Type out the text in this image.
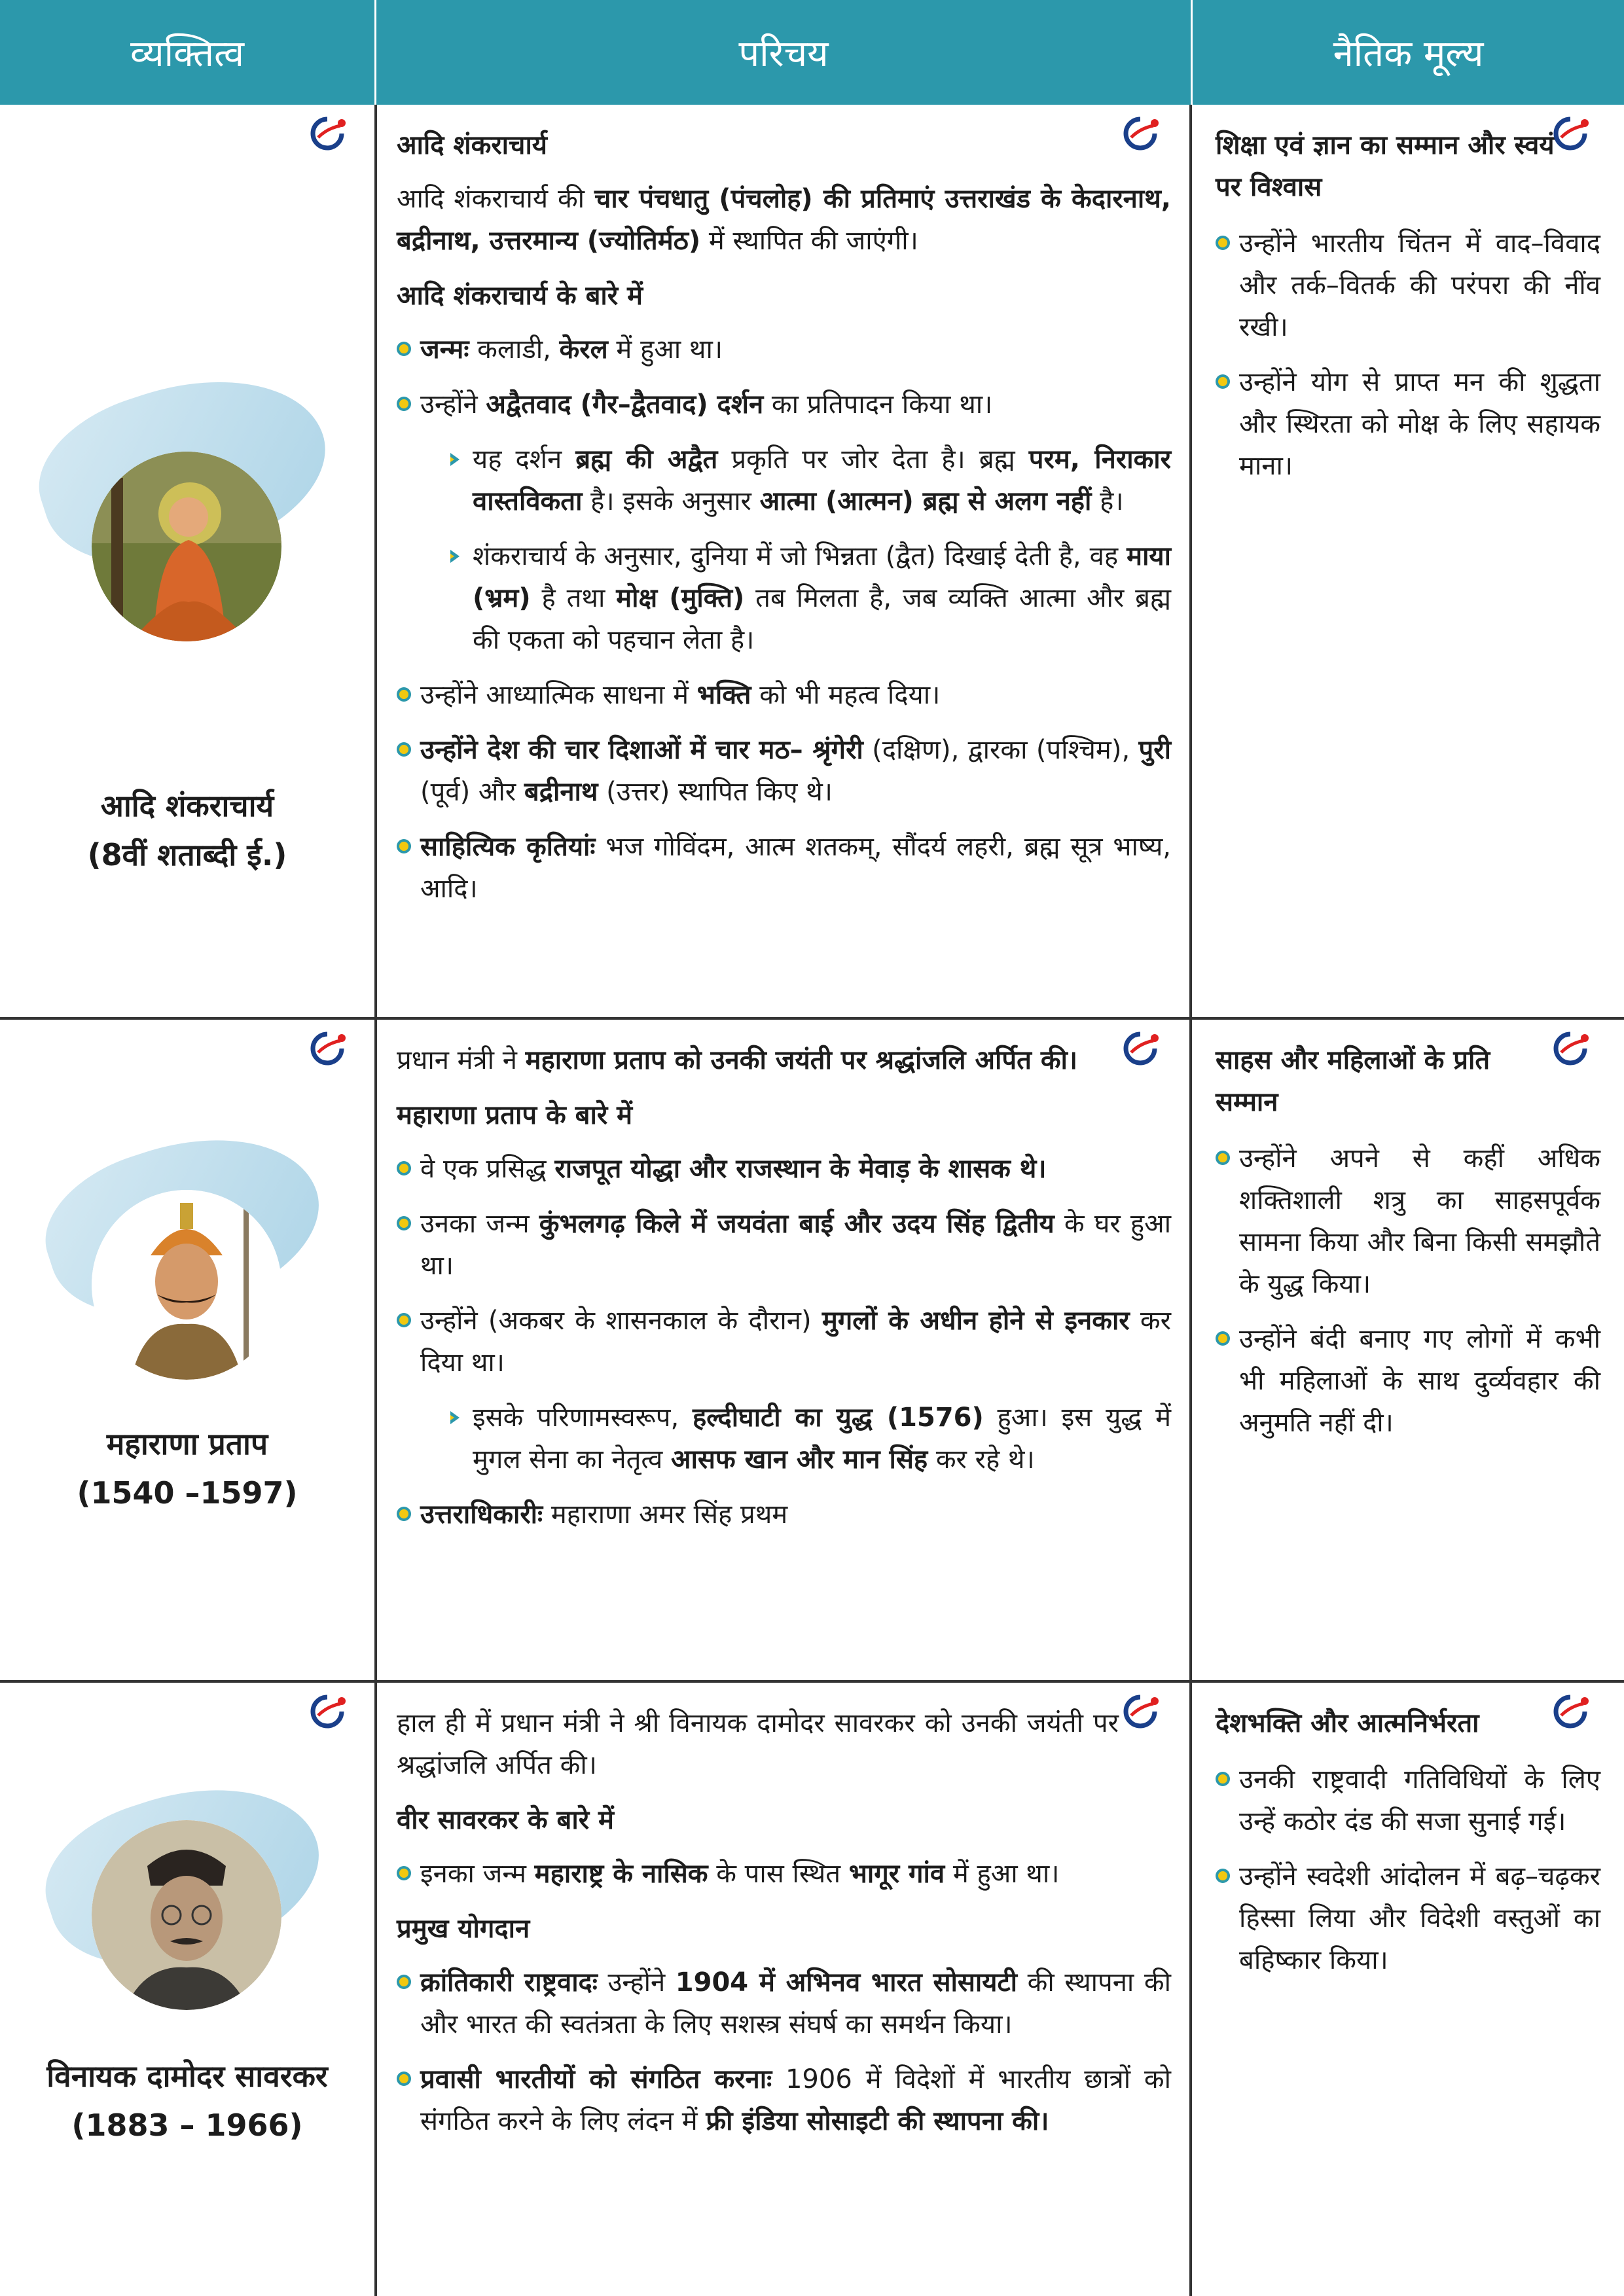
व्यक्तित्व	परिचय	नैतिक मूल्य
आदि शंकराचार्य
(8वीं शताब्दी ई.)

आदि शंकराचार्य

आदि शंकराचार्य की चार पंचधातु (पंचलोह) की प्रतिमाएं उत्तराखंड के केदारनाथ, बद्रीनाथ, उत्तरमान्य (ज्योतिर्मठ) में स्थापित की जाएंगी।

आदि शंकराचार्य के बारे में

जन्मः कलाडी, केरल में हुआ था।
उन्होंने अद्वैतवाद (गैर–द्वैतवाद) दर्शन का प्रतिपादन किया था।
यह दर्शन ब्रह्म की अद्वैत प्रकृति पर जोर देता है। ब्रह्म परम, निराकार वास्तविकता है। इसके अनुसार आत्मा (आत्मन) ब्रह्म से अलग नहीं है।
शंकराचार्य के अनुसार, दुनिया में जो भिन्नता (द्वैत) दिखाई देती है, वह माया (भ्रम) है तथा मोक्ष (मुक्ति) तब मिलता है, जब व्यक्ति आत्मा और ब्रह्म की एकता को पहचान लेता है।
उन्होंने आध्यात्मिक साधना में भक्ति को भी महत्व दिया।
उन्होंने देश की चार दिशाओं में चार मठ– श्रृंगेरी (दक्षिण), द्वारका (पश्चिम), पुरी (पूर्व) और बद्रीनाथ (उत्तर) स्थापित किए थे।
साहित्यिक कृतियांः भज गोविंदम, आत्म शतकम्, सौंदर्य लहरी, ब्रह्म सूत्र भाष्य, आदि।

शिक्षा एवं ज्ञान का सम्मान और स्वयं पर विश्वास

उन्होंने भारतीय चिंतन में वाद–विवाद और तर्क–वितर्क की परंपरा की नींव रखी।
उन्होंने योग से प्राप्त मन की शुद्धता और स्थिरता को मोक्ष के लिए सहायक माना।
महाराणा प्रताप
(1540 –1597)

प्रधान मंत्री ने महाराणा प्रताप को उनकी जयंती पर श्रद्धांजलि अर्पित की।

महाराणा प्रताप के बारे में

वे एक प्रसिद्ध राजपूत योद्धा और राजस्थान के मेवाड़ के शासक थे।
उनका जन्म कुंभलगढ़ किले में जयवंता बाई और उदय सिंह द्वितीय के घर हुआ था।
उन्होंने (अकबर के शासनकाल के दौरान) मुगलों के अधीन होने से इनकार कर दिया था।
इसके परिणामस्वरूप, हल्दीघाटी का युद्ध (1576) हुआ। इस युद्ध में मुगल सेना का नेतृत्व आसफ खान और मान सिंह कर रहे थे।
उत्तराधिकारीः महाराणा अमर सिंह प्रथम

साहस और महिलाओं के प्रति सम्मान

उन्होंने अपने से कहीं अधिक शक्तिशाली शत्रु का साहसपूर्वक सामना किया और बिना किसी समझौते के युद्ध किया।
उन्होंने बंदी बनाए गए लोगों में कभी भी महिलाओं के साथ दुर्व्यवहार की अनुमति नहीं दी।
विनायक दामोदर सावरकर
(1883 – 1966)

हाल ही में प्रधान मंत्री ने श्री विनायक दामोदर सावरकर को उनकी जयंती पर श्रद्धांजलि अर्पित की।

वीर सावरकर के बारे में

इनका जन्म महाराष्ट्र के नासिक के पास स्थित भागूर गांव में हुआ था।

प्रमुख योगदान

क्रांतिकारी राष्ट्रवादः उन्होंने 1904 में अभिनव भारत सोसायटी की स्थापना की और भारत की स्वतंत्रता के लिए सशस्त्र संघर्ष का समर्थन किया।
प्रवासी भारतीयों को संगठित करनाः 1906 में विदेशों में भारतीय छात्रों को संगठित करने के लिए लंदन में फ्री इंडिया सोसाइटी की स्थापना की।

देशभक्ति और आत्मनिर्भरता

उनकी राष्ट्रवादी गतिविधियों के लिए उन्हें कठोर दंड की सजा सुनाई गई।
उन्होंने स्वदेशी आंदोलन में बढ़–चढ़कर हिस्सा लिया और विदेशी वस्तुओं का बहिष्कार किया।
